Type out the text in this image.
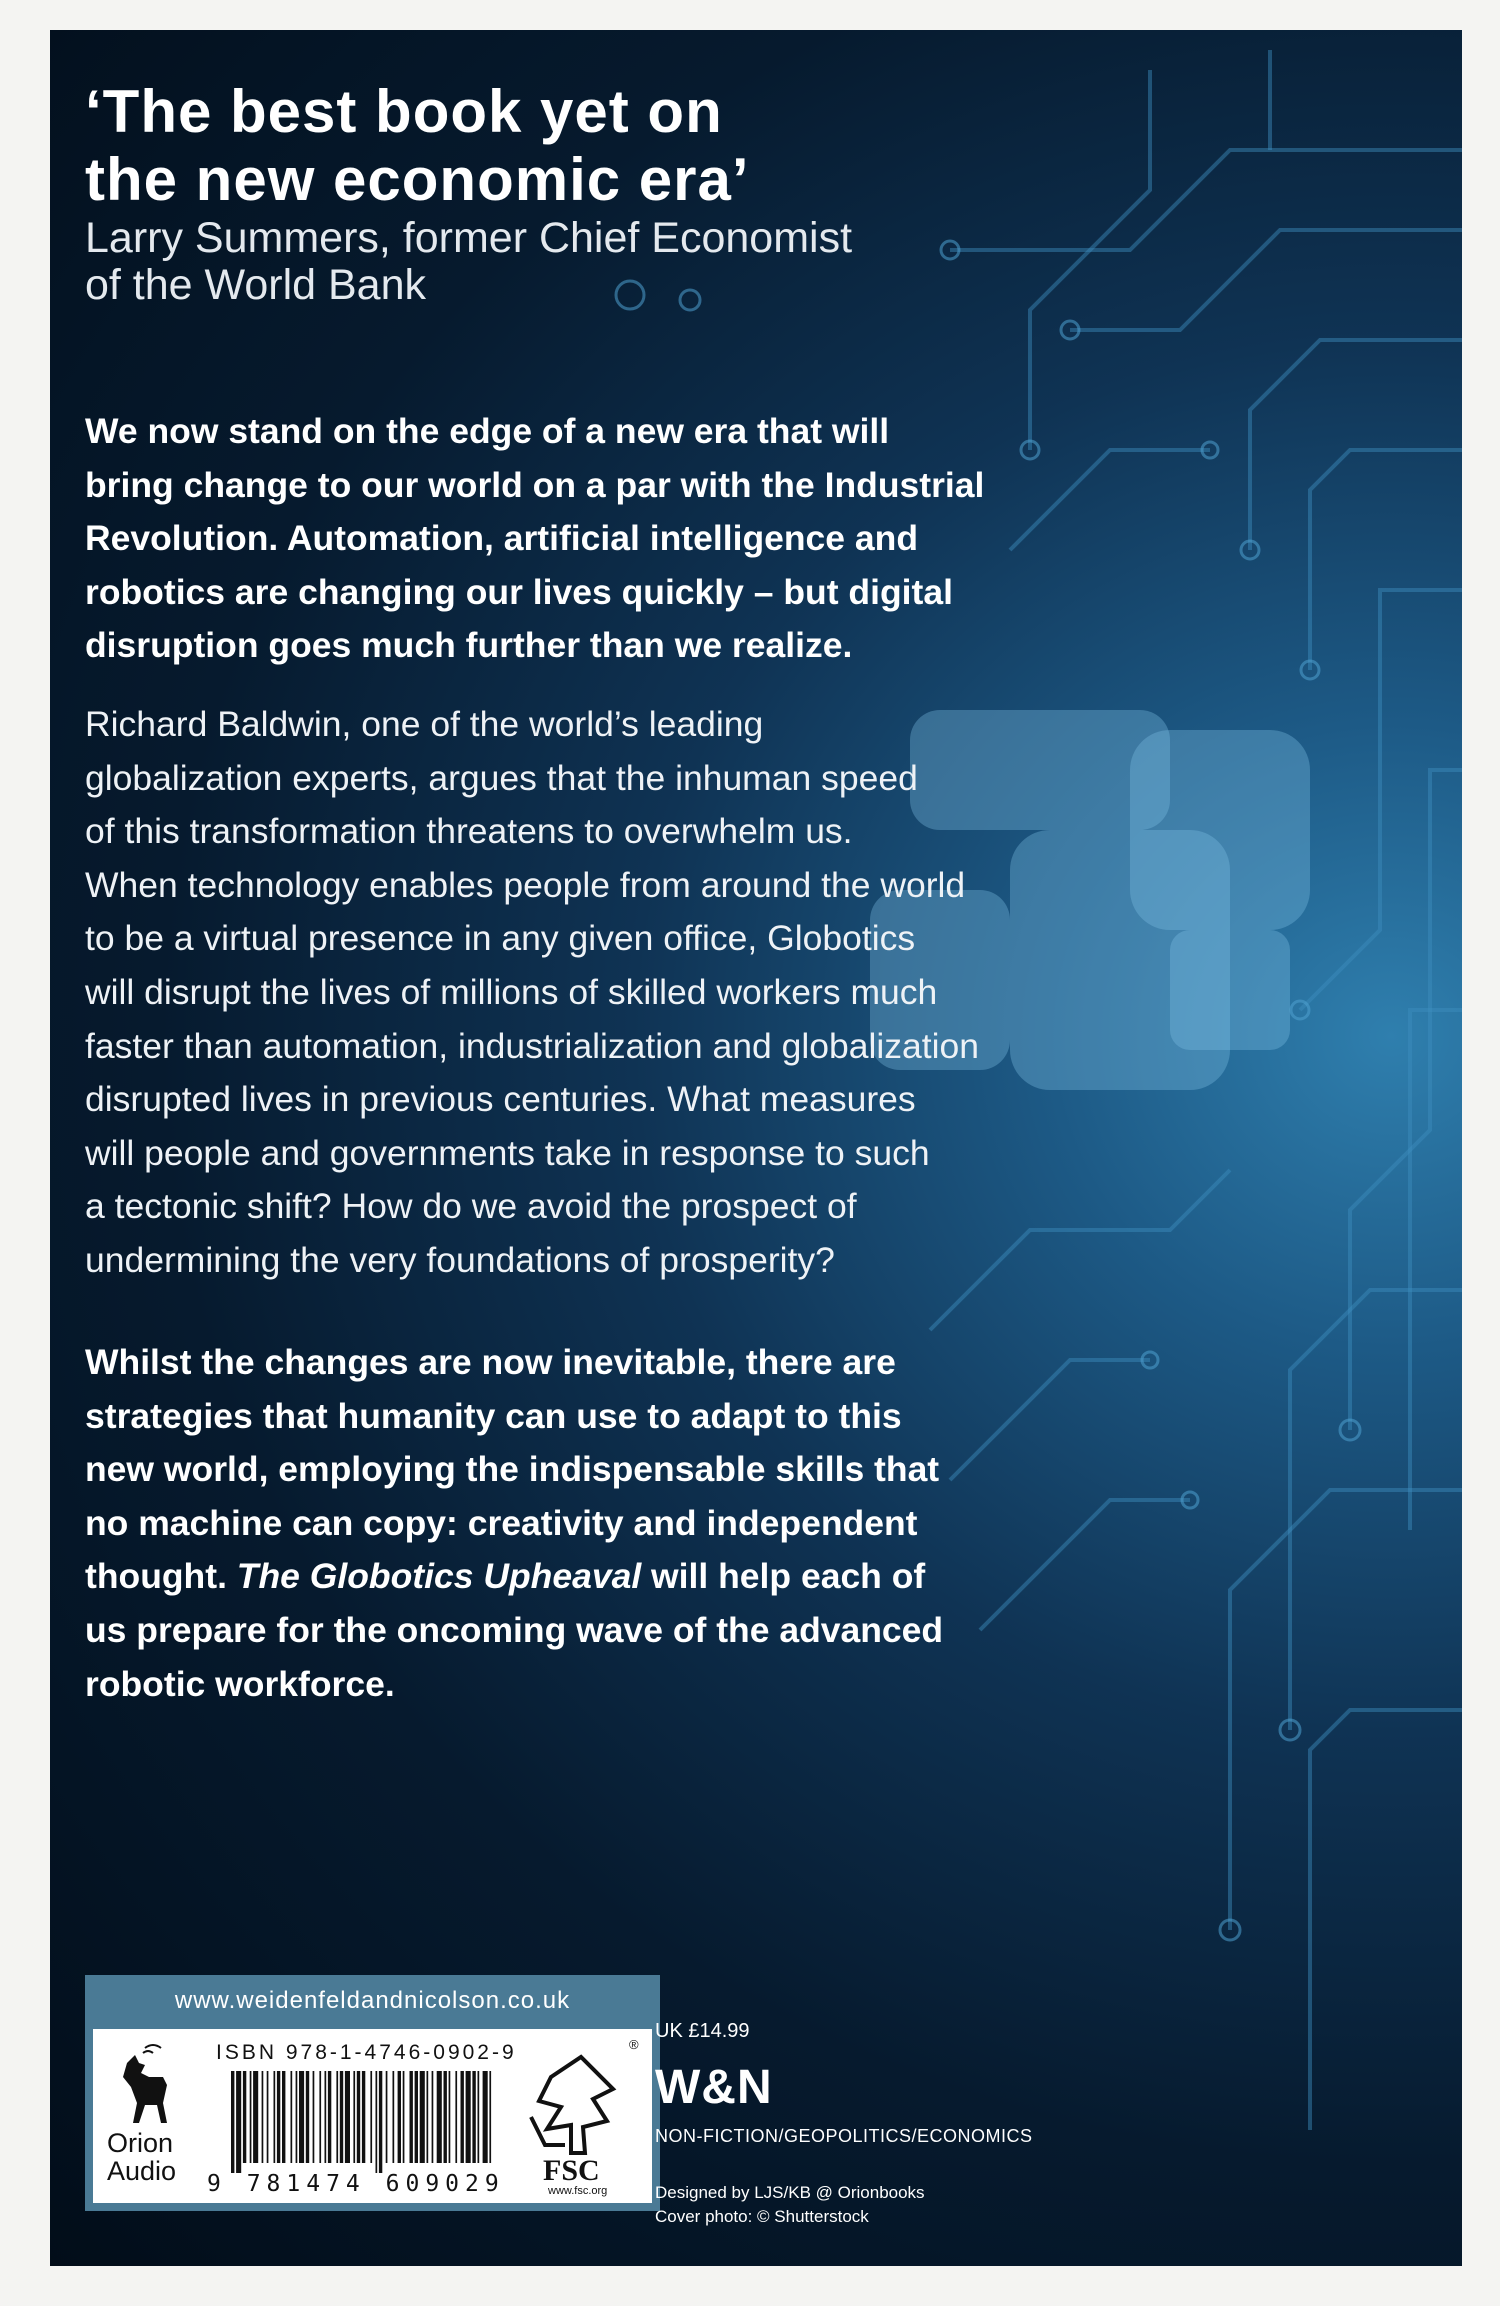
‘The best book yet on
the new economic era’
Larry Summers, former Chief Economist
of the World Bank
We now stand on the edge of a new era that will
bring change to our world on a par with the Industrial
Revolution. Automation, artificial intelligence and
robotics are changing our lives quickly – but digital
disruption goes much further than we realize.
Richard Baldwin, one of the world’s leading
globalization experts, argues that the inhuman speed
of this transformation threatens to overwhelm us.
When technology enables people from around the world
to be a virtual presence in any given office, Globotics
will disrupt the lives of millions of skilled workers much
faster than automation, industrialization and globalization
disrupted lives in previous centuries. What measures
will people and governments take in response to such
a tectonic shift? How do we avoid the prospect of
undermining the very foundations of prosperity?
Whilst the changes are now inevitable, there are
strategies that humanity can use to adapt to this
new world, employing the indispensable skills that
no machine can copy: creativity and independent
thought. The Globotics Upheaval will help each of
us prepare for the oncoming wave of the advanced
robotic workforce.
www.weidenfeldandnicolson.co.uk
Orion
Audio
ISBN 978-1-4746-0902-9
9 781474 609029 FSC
www.fsc.org
®
UK £14.99
W&N
NON-FICTION/GEOPOLITICS/ECONOMICS
Designed by LJS/KB @ Orionbooks
Cover photo: © Shutterstock
